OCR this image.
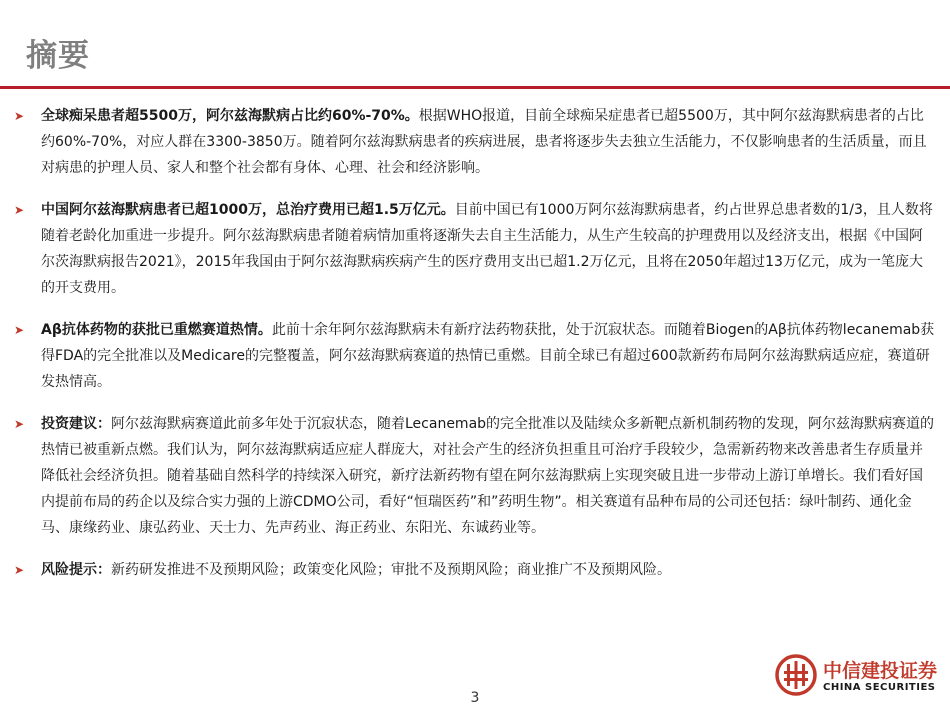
摘要
➤ 全球痴呆患者超5500万，阿尔兹海默病占比约60%-70%。根据WHO报道，目前全球痴呆症患者已超5500万，其中阿尔兹海默病患者的占比约60%-70%，对应人群在3300-3850万。随着阿尔兹海默病患者的疾病进展，患者将逐步失去独立生活能力，不仅影响患者的生活质量，而且对病患的护理人员、家人和整个社会都有身体、心理、社会和经济影响。
➤ 中国阿尔兹海默病患者已超1000万，总治疗费用已超1.5万亿元。目前中国已有1000万阿尔兹海默病患者，约占世界总患者数的1/3，且人数将随着老龄化加重进一步提升。阿尔兹海默病患者随着病情加重将逐渐失去自主生活能力，从生产生较高的护理费用以及经济支出，根据《中国阿尔茨海默病报告2021》，2015年我国由于阿尔兹海默病疾病产生的医疗费用支出已超1.2万亿元，且将在2050年超过13万亿元，成为一笔庞大的开支费用。
➤ Aβ抗体药物的获批已重燃赛道热情。此前十余年阿尔兹海默病未有新疗法药物获批，处于沉寂状态。而随着Biogen的Aβ抗体药物lecanemab获得FDA的完全批准以及Medicare的完整覆盖，阿尔兹海默病赛道的热情已重燃。目前全球已有超过600款新药布局阿尔兹海默病适应症，赛道研发热情高。
➤ 投资建议：阿尔兹海默病赛道此前多年处于沉寂状态，随着Lecanemab的完全批准以及陆续众多新靶点新机制药物的发现，阿尔兹海默病赛道的热情已被重新点燃。我们认为，阿尔兹海默病适应症人群庞大，对社会产生的经济负担重且可治疗手段较少，急需新药物来改善患者生存质量并降低社会经济负担。随着基础自然科学的持续深入研究，新疗法新药物有望在阿尔兹海默病上实现突破且进一步带动上游订单增长。我们看好国内提前布局的药企以及综合实力强的上游CDMO公司，看好“恒瑞医药”和”药明生物”。相关赛道有品种布局的公司还包括：绿叶制药、通化金马、康缘药业、康弘药业、天士力、先声药业、海正药业、东阳光、东诚药业等。
➤ 风险提示：新药研发推进不及预期风险；政策变化风险；审批不及预期风险；商业推广不及预期风险。
3
中信建投证券
CHINA SECURITIES
